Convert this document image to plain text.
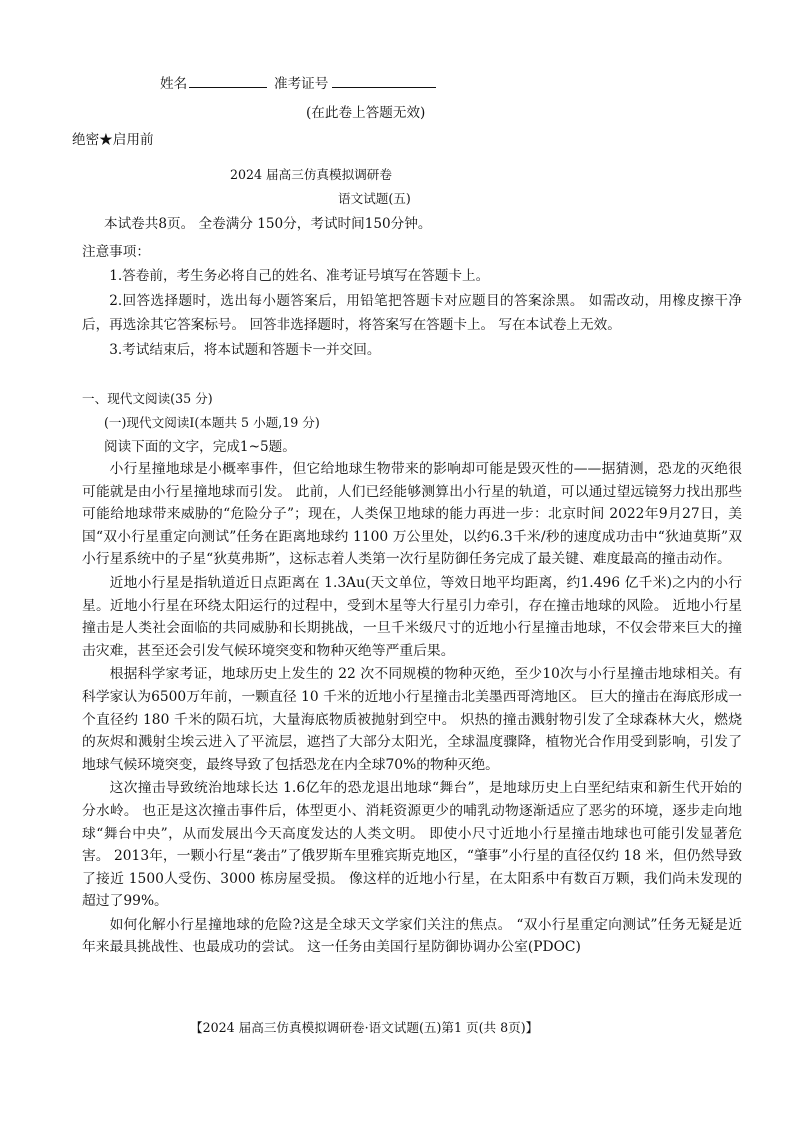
姓名	准考证号
(在此卷上答题无效)
绝密★启用前
2024 届高三仿真模拟调研卷
语文试题(五)
本试卷共8页。 全卷满分 150分，考试时间150分钟。
注意事项：

1.答卷前，考生务必将自己的姓名、准考证号填写在答题卡上。

2.回答选择题时，选出每小题答案后，用铅笔把答题卡对应题目的答案涂黑。 如需改动，用橡皮擦干净后，再选涂其它答案标号。 回答非选择题时，将答案写在答题卡上。 写在本试卷上无效。

3.考试结束后，将本试题和答题卡一并交回。

一、现代文阅读(35 分)
(一)现代文阅读Ⅰ(本题共 5 小题,19 分)
阅读下面的文字，完成1~5题。

小行星撞地球是小概率事件，但它给地球生物带来的影响却可能是毁灭性的——据猜测，恐龙的灭绝很可能就是由小行星撞地球而引发。 此前，人们已经能够测算出小行星的轨道，可以通过望远镜努力找出那些可能给地球带来威胁的“危险分子”；现在，人类保卫地球的能力再进一步：北京时间 2022年9月27日，美国“双小行星重定向测试”任务在距离地球约 1100 万公里处，以约6.3千米/秒的速度成功击中“狄迪莫斯”双小行星系统中的子星“狄莫弗斯”，这标志着人类第一次行星防御任务完成了最关键、难度最高的撞击动作。

近地小行星是指轨道近日点距离在 1.3Au(天文单位，等效日地平均距离，约1.496 亿千米)之内的小行星。近地小行星在环绕太阳运行的过程中，受到木星等大行星引力牵引，存在撞击地球的风险。 近地小行星撞击是人类社会面临的共同威胁和长期挑战，一旦千米级尺寸的近地小行星撞击地球，不仅会带来巨大的撞击灾难，甚至还会引发气候环境突变和物种灭绝等严重后果。

根据科学家考证，地球历史上发生的 22 次不同规模的物种灭绝，至少10次与小行星撞击地球相关。有科学家认为6500万年前，一颗直径 10 千米的近地小行星撞击北美墨西哥湾地区。 巨大的撞击在海底形成一个直径约 180 千米的陨石坑，大量海底物质被抛射到空中。 炽热的撞击溅射物引发了全球森林大火，燃烧的灰烬和溅射尘埃云进入了平流层，遮挡了大部分太阳光，全球温度骤降，植物光合作用受到影响，引发了地球气候环境突变，最终导致了包括恐龙在内全球70%的物种灭绝。

这次撞击导致统治地球长达 1.6亿年的恐龙退出地球“舞台”，是地球历史上白垩纪结束和新生代开始的分水岭。 也正是这次撞击事件后，体型更小、消耗资源更少的哺乳动物逐渐适应了恶劣的环境，逐步走向地球“舞台中央”，从而发展出今天高度发达的人类文明。 即使小尺寸近地小行星撞击地球也可能引发显著危害。 2013年，一颗小行星“袭击”了俄罗斯车里雅宾斯克地区，“肇事”小行星的直径仅约 18 米，但仍然导致了接近 1500人受伤、3000 栋房屋受损。 像这样的近地小行星，在太阳系中有数百万颗，我们尚未发现的超过了99%。

如何化解小行星撞地球的危险?这是全球天文学家们关注的焦点。 “双小行星重定向测试”任务无疑是近年来最具挑战性、也最成功的尝试。 这一任务由美国行星防御协调办公室(PDOC)

【2024 届高三仿真模拟调研卷·语文试题(五)第1 页(共 8页)】
